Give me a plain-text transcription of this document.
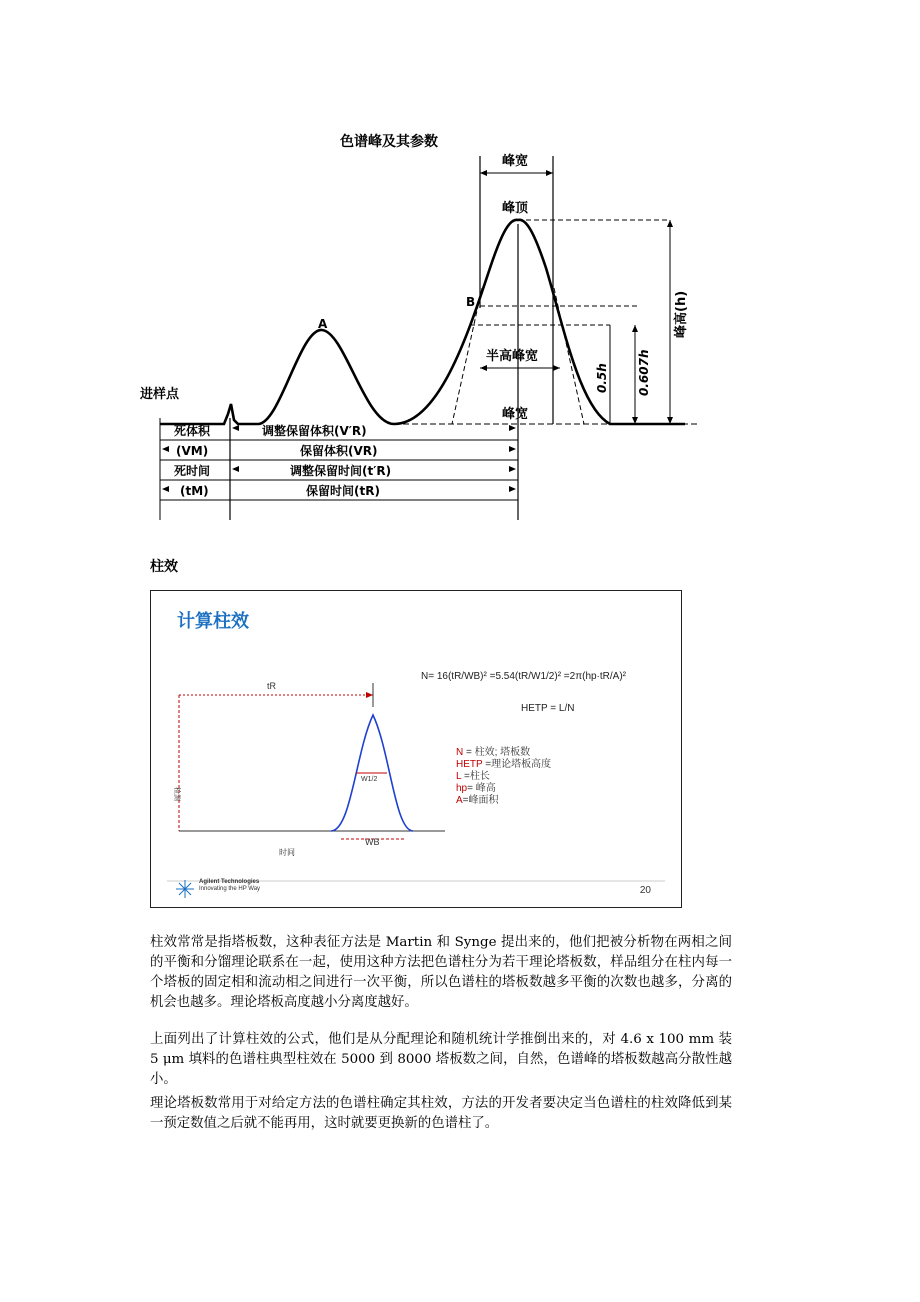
色谱峰及其参数
峰宽
峰顶
半高峰宽
峰宽
0.5h 0.607h
峰高(h)
A
B
进样点
死体积	调整保留体积(V′R)
(VM)	保留体积(VR)
死时间	调整保留时间(t′R)
(tM)	保留时间(tR)
柱效
计算柱效
N= 16(tR/WB)² =5.54(tR/W1/2)² =2π(hp·tR/A)²
HETP = L/N
tR
W1/2
WB
时间
检测
N = 柱效; 塔板数
HETP =理论塔板高度
L =柱长
hp= 峰高
A=峰面积
Agilent Technologies
Innovating the HP Way	20

柱效常常是指塔板数，这种表征方法是 Martin 和 Synge 提出来的，他们把被分析物在两相之间的平衡和分馏理论联系在一起，使用这种方法把色谱柱分为若干理论塔板数，样品组分在柱内每一个塔板的固定相和流动相之间进行一次平衡，所以色谱柱的塔板数越多平衡的次数也越多，分离的机会也越多。理论塔板高度越小分离度越好。

上面列出了计算柱效的公式，他们是从分配理论和随机统计学推倒出来的，对 4.6 x 100 mm 装 5 μm 填料的色谱柱典型柱效在 5000 到 8000 塔板数之间，自然，色谱峰的塔板数越高分散性越小。

理论塔板数常用于对给定方法的色谱柱确定其柱效，方法的开发者要决定当色谱柱的柱效降低到某一预定数值之后就不能再用，这时就要更换新的色谱柱了。
